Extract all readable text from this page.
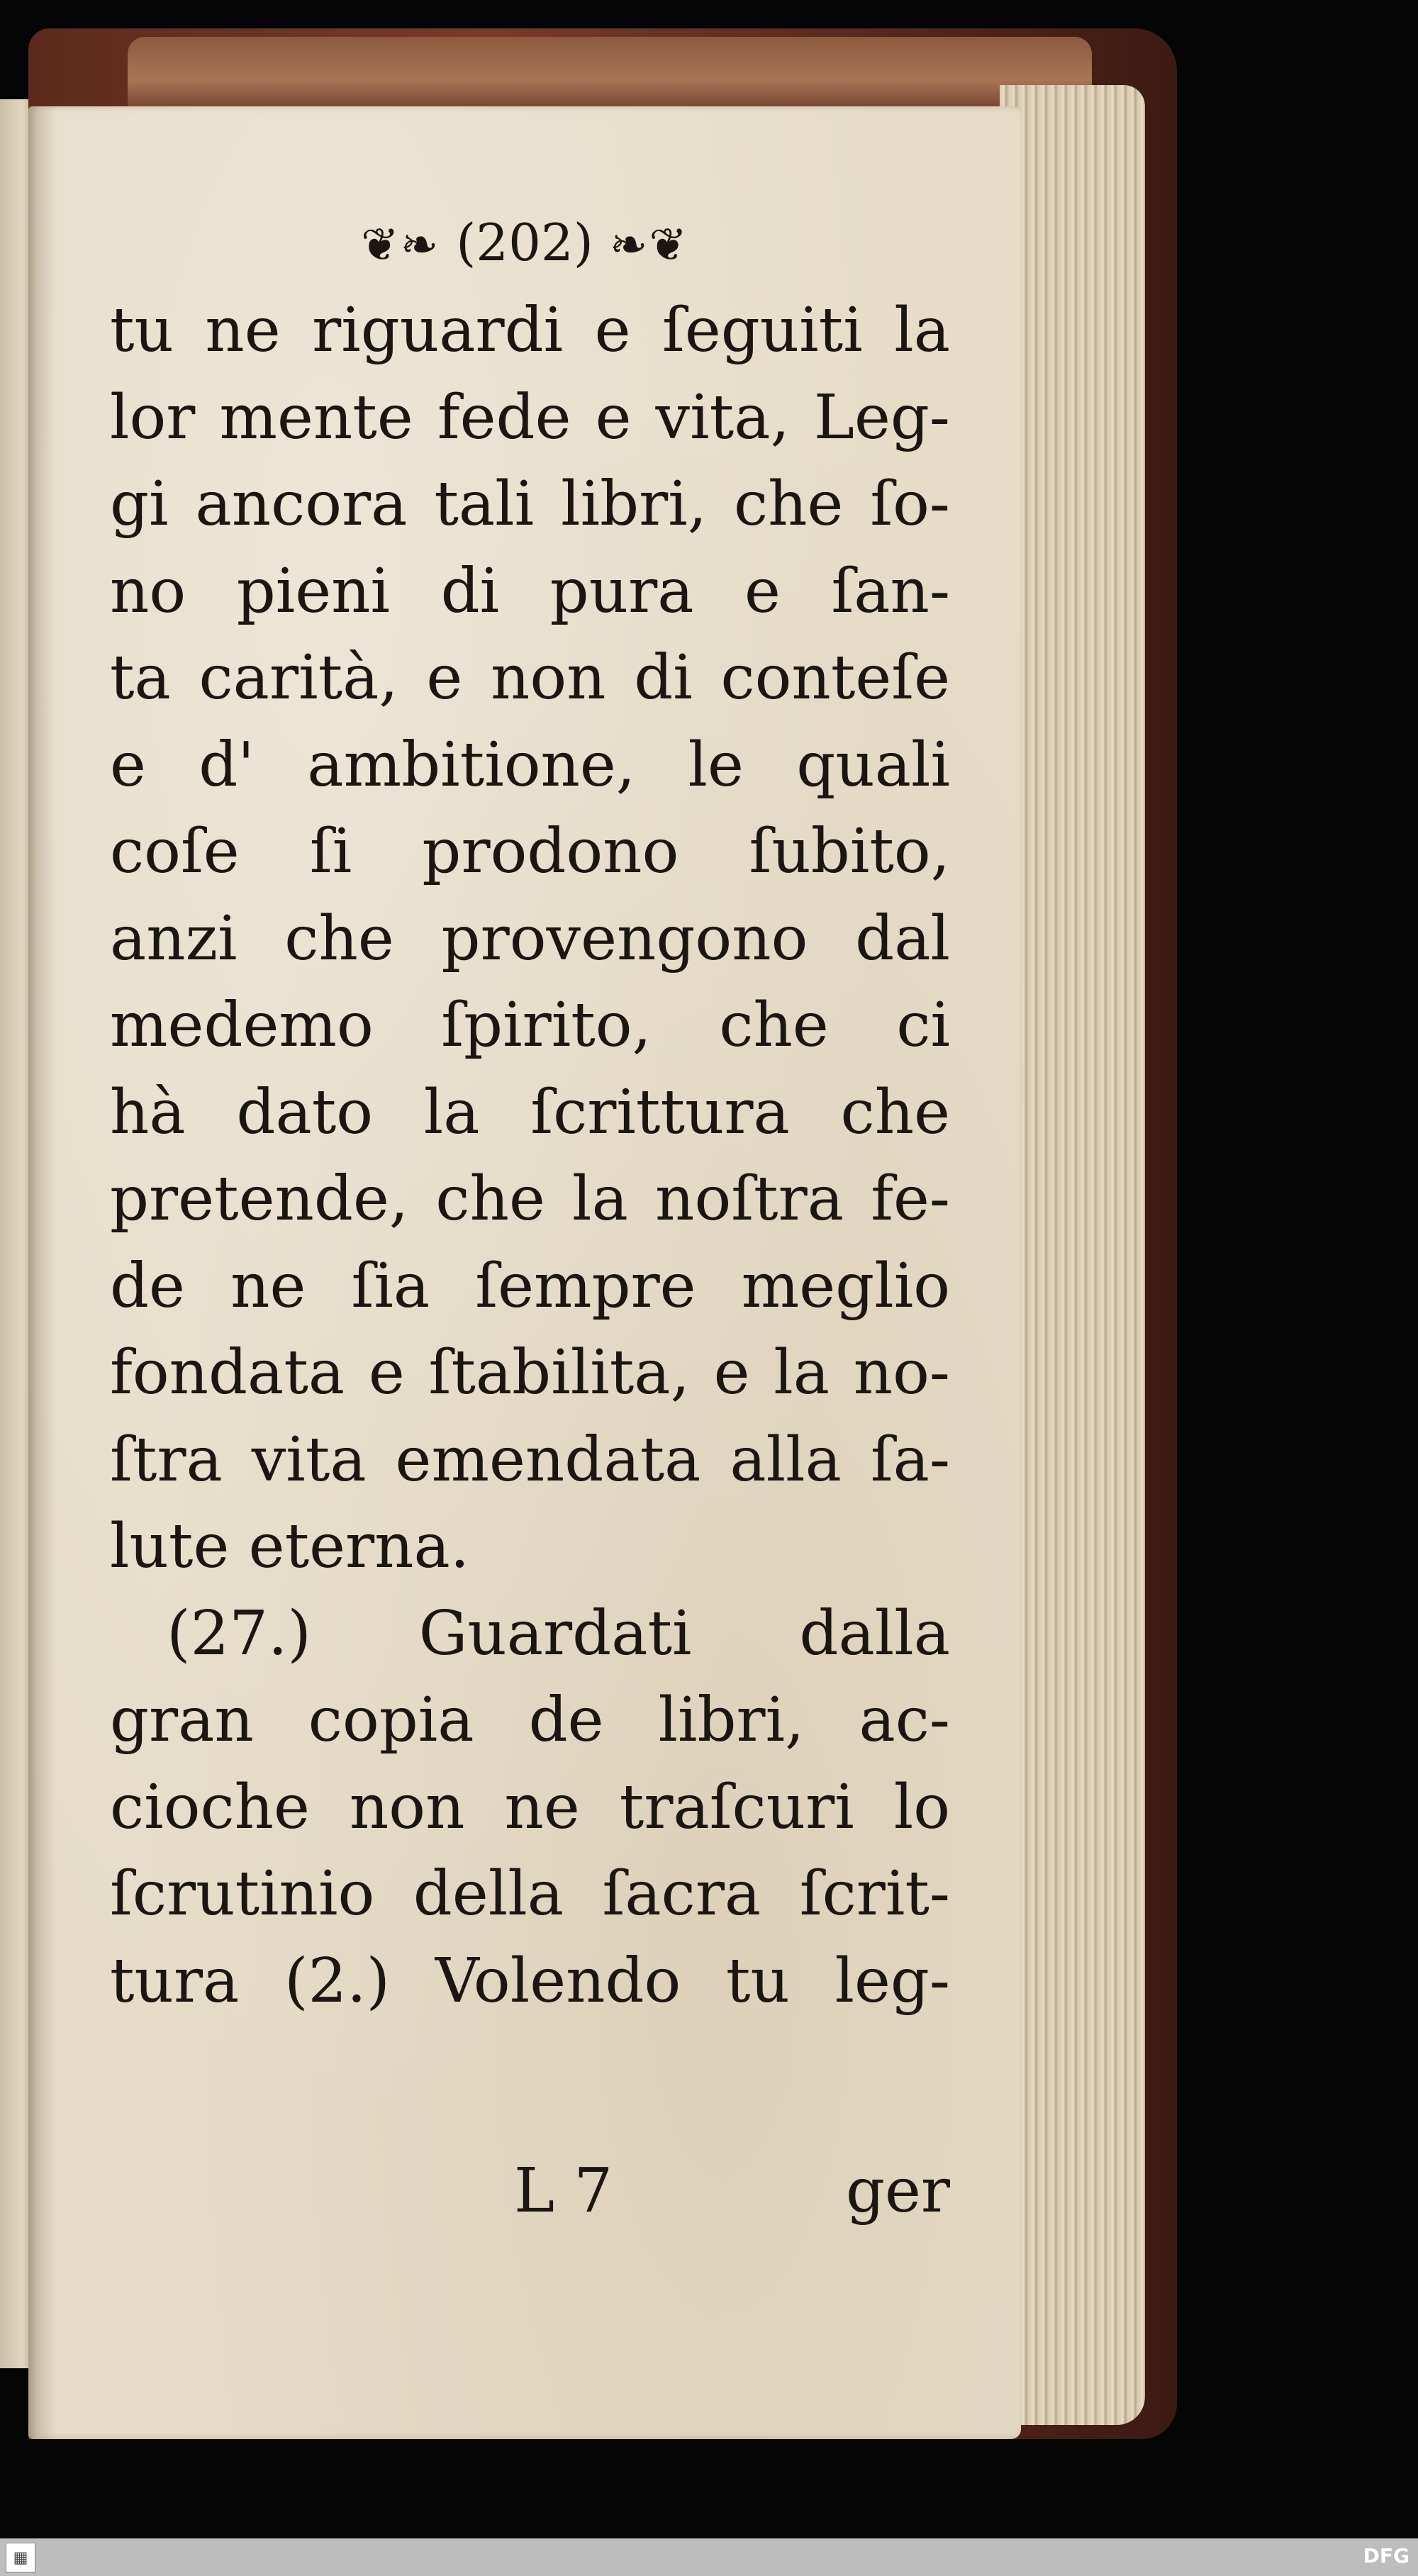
❦❧ (202) ❧❦
tu ne riguardi e ſeguiti la
lor mente fede e vita, Leg-
gi ancora tali libri, che ſo-
no pieni di pura e ſan-
ta carità, e non di conteſe
e d' ambitione, le quali
coſe ſi prodono ſubito,
anzi che provengono dal
medemo ſpirito, che ci
hà dato la ſcrittura che
pretende, che la noſtra fe-
de ne ſia ſempre meglio
fondata e ſtabilita, e la no-
ſtra vita emendata alla ſa-
lute eterna.
(27.) Guardati dalla
gran copia de libri, ac-
cioche non ne traſcuri lo
ſcrutinio della ſacra ſcrit-
tura (2.) Volendo tu leg-
L 7	ger
▦	DFG
